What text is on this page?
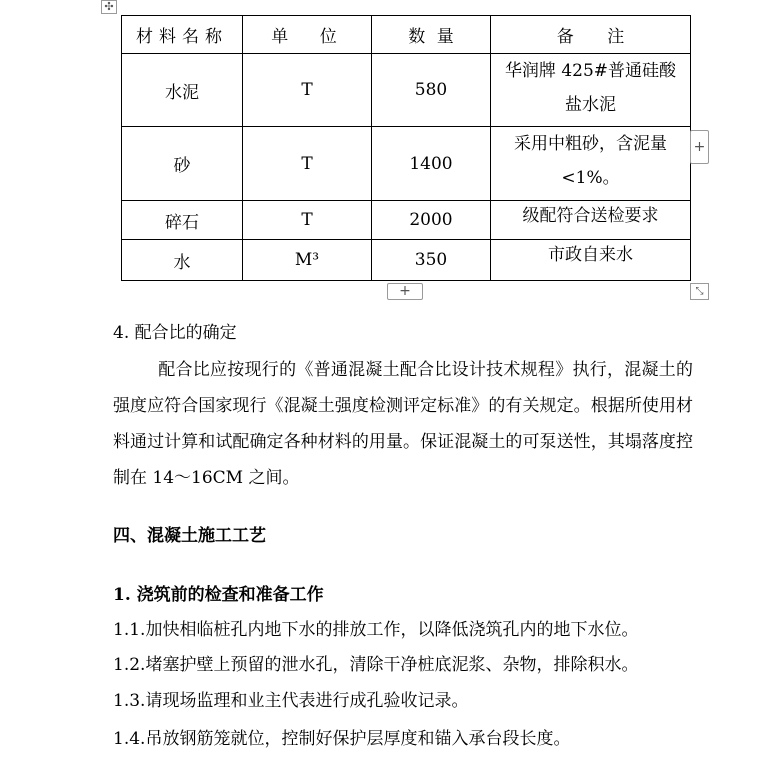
✣
材料名称	单 位	数 量	备 注
水泥	T	580	华润牌 425#普通硅酸盐水泥
砂	T	1400	采用中粗砂，含泥量<1%。
碎石	T	2000	级配符合送检要求
水	M³	350	市政自来水
+
+	⤡
4. 配合比的确定
配合比应按现行的《普通混凝土配合比设计技术规程》执行，混凝土的强度应符合国家现行《混凝土强度检测评定标准》的有关规定。根据所使用材料通过计算和试配确定各种材料的用量。保证混凝土的可泵送性，其塌落度控制在 14～16CM 之间。
四、混凝土施工工艺
1. 浇筑前的检查和准备工作
1.1.加快相临桩孔内地下水的排放工作，以降低浇筑孔内的地下水位。
1.2.堵塞护壁上预留的泄水孔，清除干净桩底泥浆、杂物，排除积水。
1.3.请现场监理和业主代表进行成孔验收记录。
1.4.吊放钢筋笼就位，控制好保护层厚度和锚入承台段长度。
